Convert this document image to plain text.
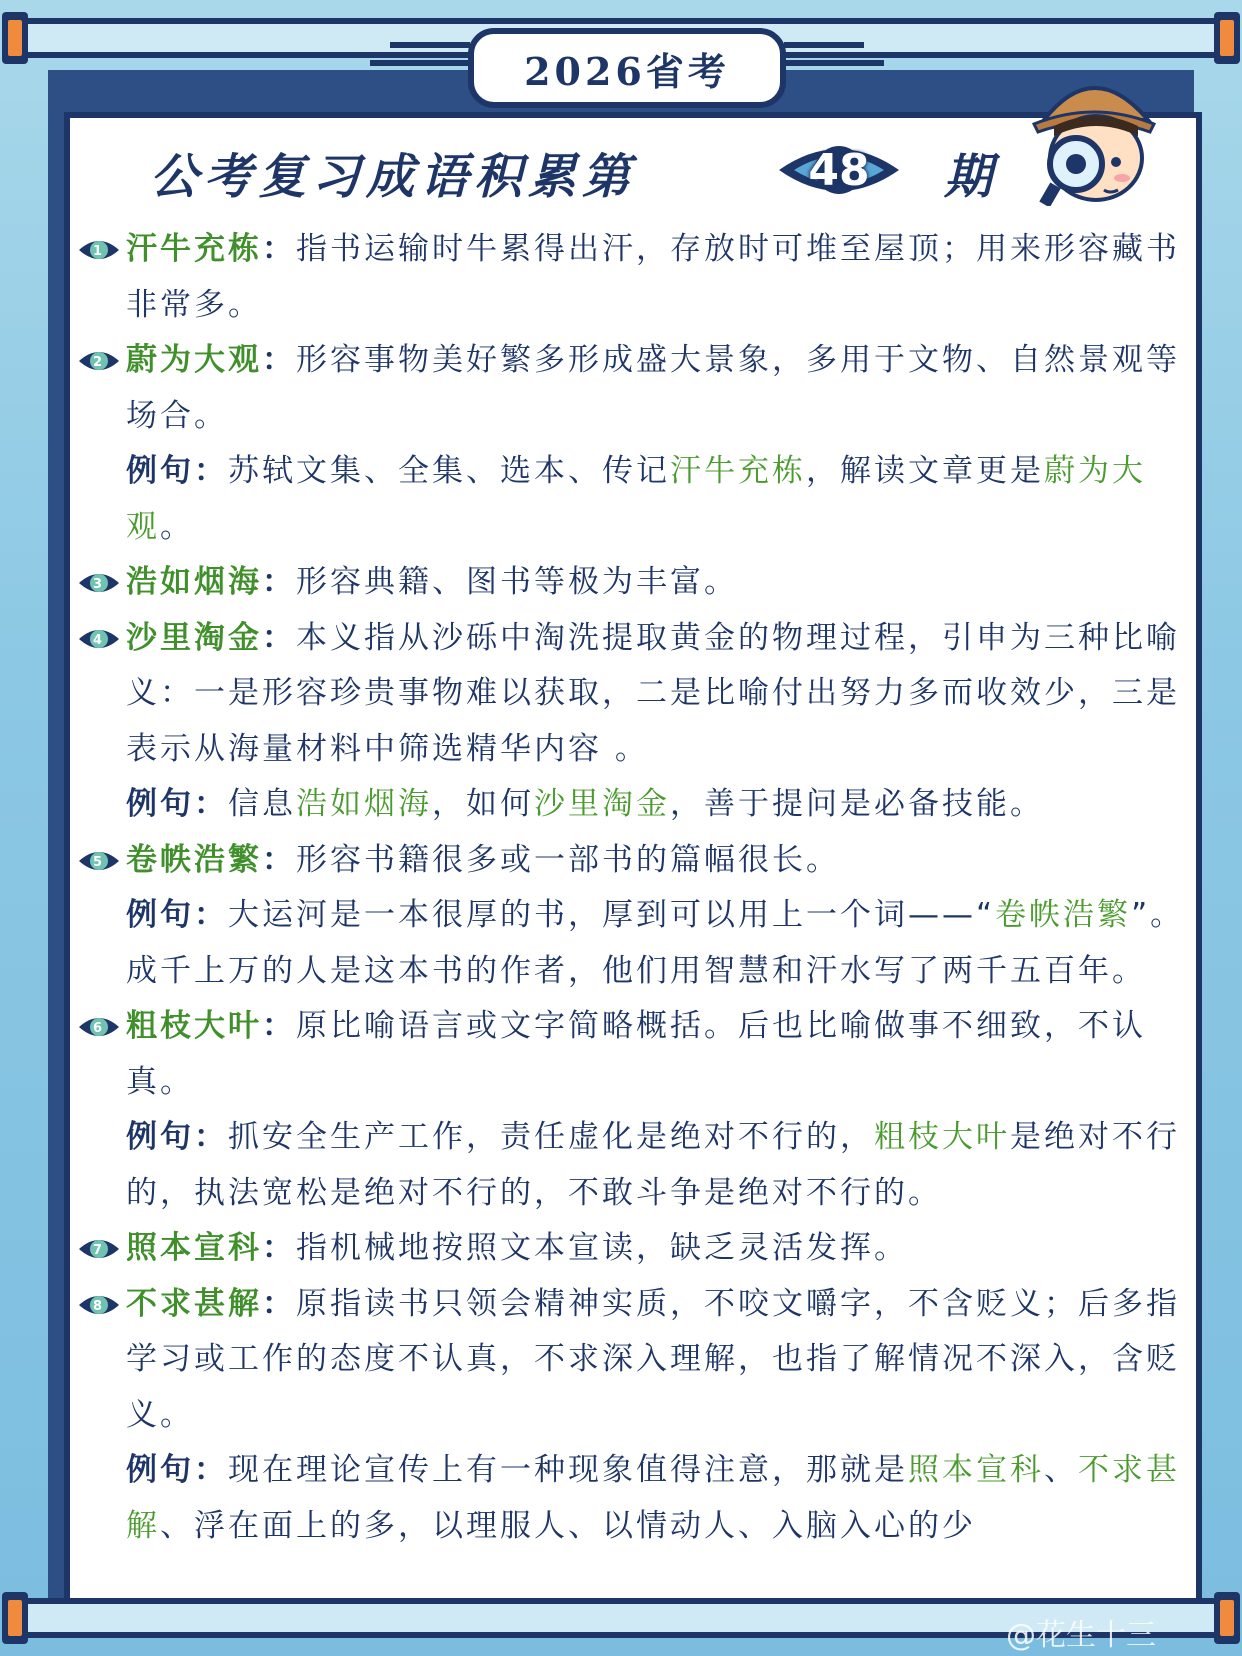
2026省考
公考复习成语积累第	48	期
1 汗牛充栋：指书运输时牛累得出汗，存放时可堆至屋顶；用来形容藏书非常多。
2 蔚为大观：形容事物美好繁多形成盛大景象，多用于文物、自然景观等场合。
例句：苏轼文集、全集、选本、传记汗牛充栋，解读文章更是蔚为大观。
3 浩如烟海：形容典籍、图书等极为丰富。
4 沙里淘金：本义指从沙砾中淘洗提取黄金的物理过程，引申为三种比喻义：一是形容珍贵事物难以获取，二是比喻付出努力多而收效少，三是表示从海量材料中筛选精华内容 。
例句：信息浩如烟海，如何沙里淘金，善于提问是必备技能。
5 卷帙浩繁：形容书籍很多或一部书的篇幅很长。
例句：大运河是一本很厚的书，厚到可以用上一个词——“卷帙浩繁”。成千上万的人是这本书的作者，他们用智慧和汗水写了两千五百年。
6 粗枝大叶：原比喻语言或文字简略概括。后也比喻做事不细致，不认真。
例句：抓安全生产工作，责任虚化是绝对不行的，粗枝大叶是绝对不行的，执法宽松是绝对不行的，不敢斗争是绝对不行的。
7 照本宣科：指机械地按照文本宣读，缺乏灵活发挥。
8 不求甚解：原指读书只领会精神实质，不咬文嚼字，不含贬义；后多指学习或工作的态度不认真，不求深入理解，也指了解情况不深入，含贬义。
例句：现在理论宣传上有一种现象值得注意，那就是照本宣科、不求甚解、浮在面上的多，以理服人、以情动人、入脑入心的少
@花生十三
